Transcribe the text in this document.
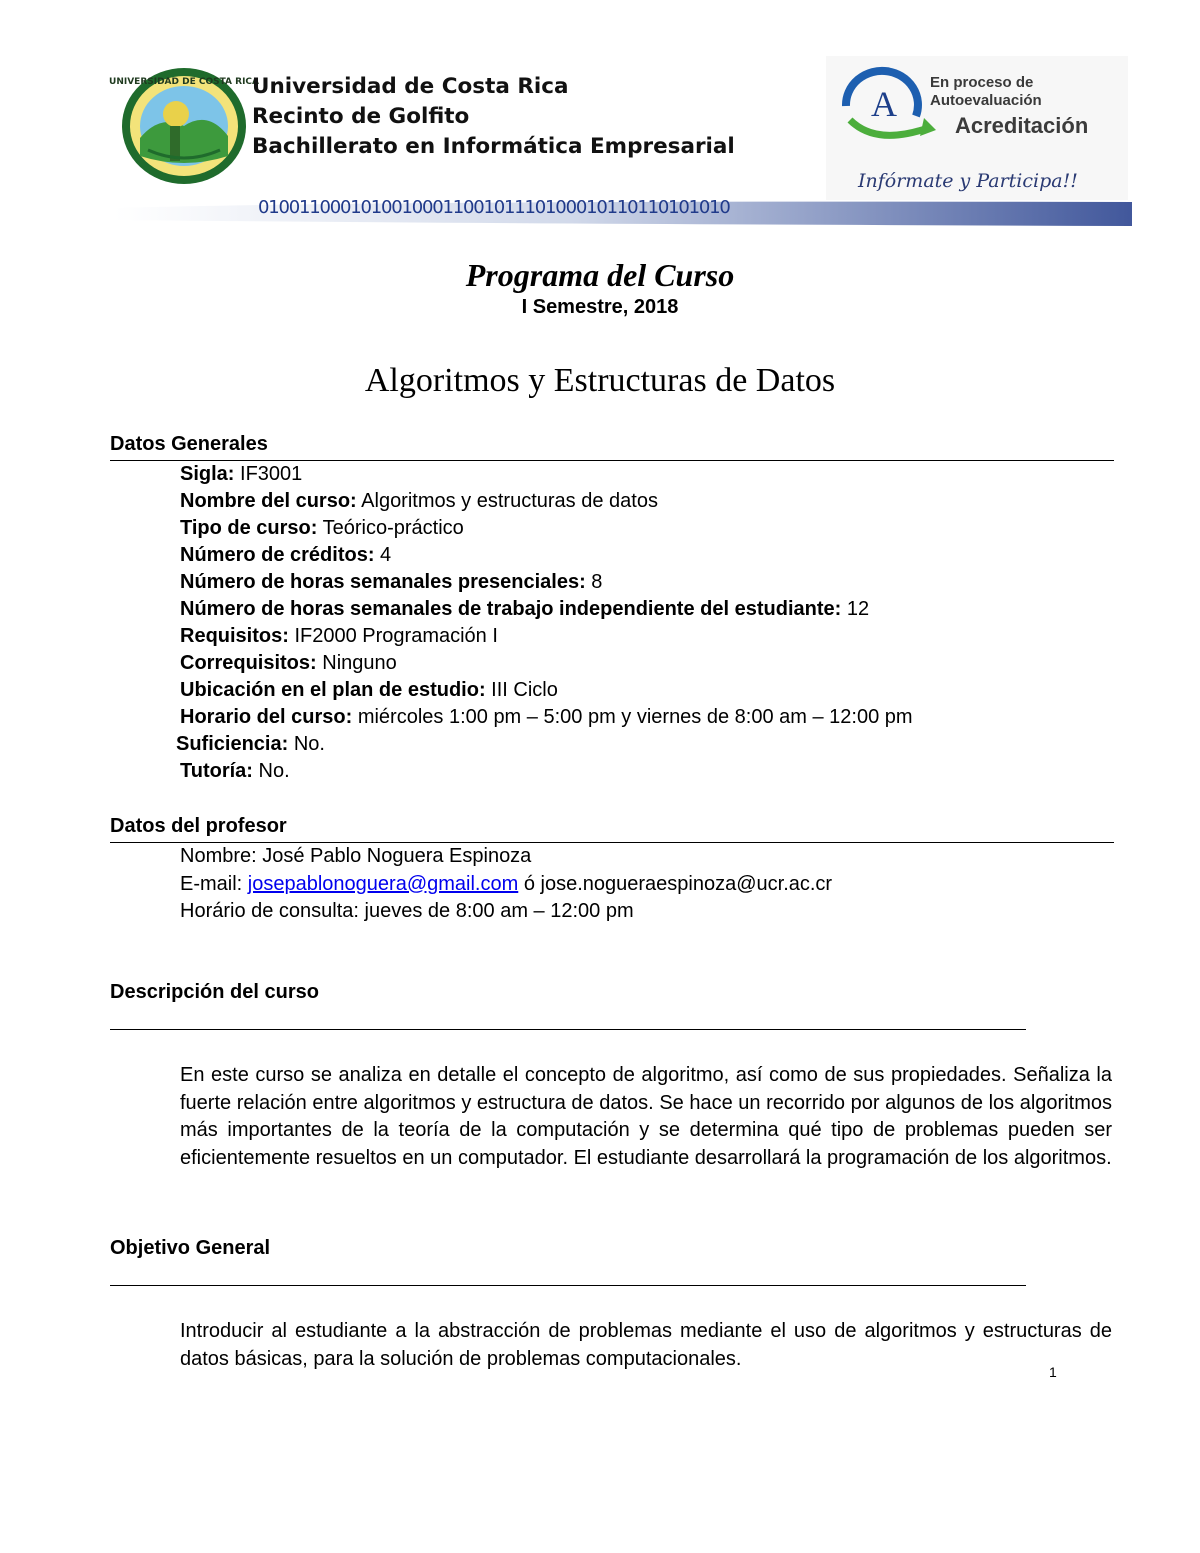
UNIVERSIDAD DE COSTA RICA
Universidad de Costa Rica
Recinto de Golfito
Bachillerato en Informática Empresarial
A
En proceso de
Autoevaluación
Acreditación
Infórmate y Participa!!
0100110001010010001100101110100010110110101010
Programa del Curso
I Semestre, 2018
Algoritmos y Estructuras de Datos
Datos Generales
Sigla: IF3001
Nombre del curso: Algoritmos y estructuras de datos
Tipo de curso: Teórico-práctico
Número de créditos: 4
Número de horas semanales presenciales: 8
Número de horas semanales de trabajo independiente del estudiante: 12
Requisitos: IF2000 Programación I
Correquisitos: Ninguno
Ubicación en el plan de estudio: III Ciclo
Horario del curso: miércoles 1:00 pm – 5:00 pm y viernes de 8:00 am – 12:00 pm
Suficiencia: No.
Tutoría: No.
Datos del profesor
Nombre: José Pablo Noguera Espinoza
E-mail: josepablonoguera@gmail.com ó jose.nogueraespinoza@ucr.ac.cr
Horário de consulta: jueves de 8:00 am – 12:00 pm
Descripción del curso
En este curso se analiza en detalle el concepto de algoritmo, así como de sus propiedades. Señaliza la fuerte relación entre algoritmos y estructura de datos. Se hace un recorrido por algunos de los algoritmos más importantes de la teoría de la computación y se determina qué tipo de problemas pueden ser eficientemente resueltos en un computador. El estudiante desarrollará la programación de los algoritmos.
Objetivo General
Introducir al estudiante a la abstracción de problemas mediante el uso de algoritmos y estructuras de datos básicas, para la solución de problemas computacionales.
1
